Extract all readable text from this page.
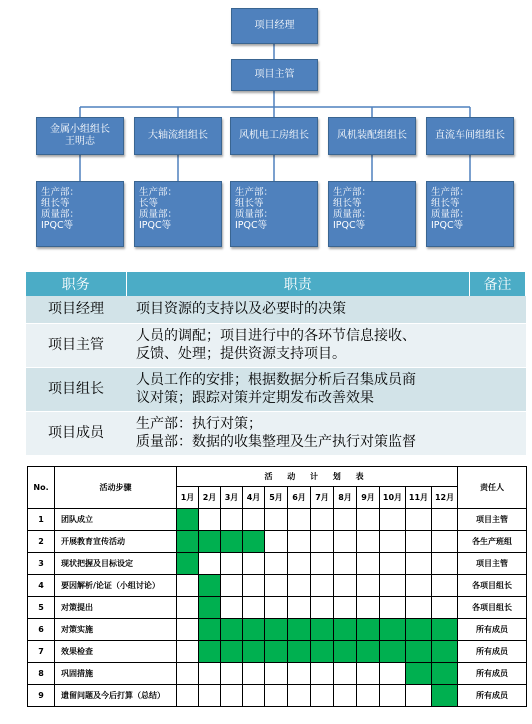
项目经理
项目主管
金属小组组长
王明志
大轴流组组长	风机电工房组长	风机装配组组长	直流车间组组长
生产部：
组长等
质量部：
IPQC等
生产部：
长等
质量部：
IPQC等
生产部：
组长等
质量部：
IPQC等
生产部：
组长等
质量部：
IPQC等
生产部：
组长等
质量部：
IPQC等
职务	职责	备注
项目经理	项目资源的支持以及必要时的决策	

项目主管	人员的调配；项目进行中的各环节信息接收、
反馈、处理；提供资源支持项目。	

项目组长	人员工作的安排；根据数据分析后召集成员商
议对策；跟踪对策并定期发布改善效果	

项目成员	生产部：执行对策；
质量部：数据的收集整理及生产执行对策监督	

No.	活动步骤	活 动 计 划 表												责任人
		1月	2月	3月	4月	5月	6月	7月	8月	9月	10月	11月	12月	
1	团队成立													项目主管
2	开展教育宣传活动													各生产班组
3	现状把握及目标设定													项目主管
4	要因解析/论证（小组讨论）													各项目组长
5	对策提出													各项目组长
6	对策实施													所有成员
7	效果检查													所有成员
8	巩固措施													所有成员
9	遗留问题及今后打算（总结）													所有成员
